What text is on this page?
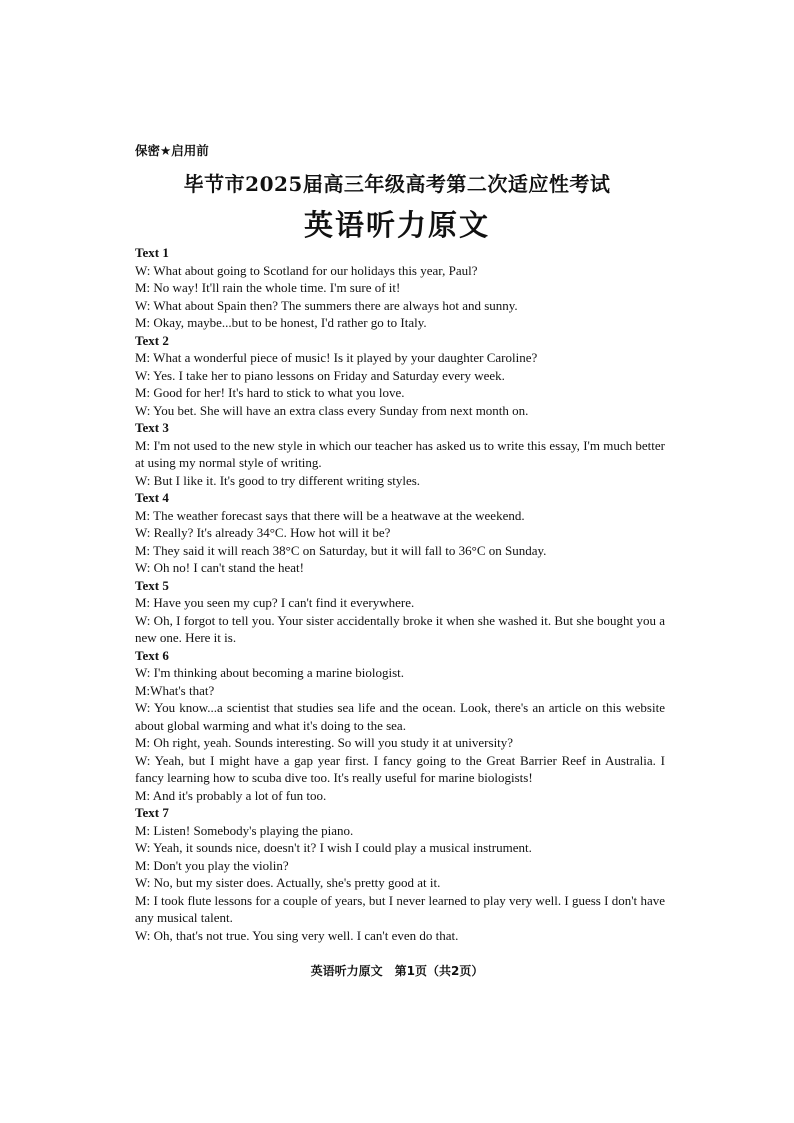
保密★启用前
毕节市2025届高三年级高考第二次适应性考试
英语听力原文

Text 1

W: What about going to Scotland for our holidays this year, Paul?

M: No way! It'll rain the whole time. I'm sure of it!

W: What about Spain then? The summers there are always hot and sunny.

M: Okay, maybe...but to be honest, I'd rather go to Italy.

Text 2

M: What a wonderful piece of music! Is it played by your daughter Caroline?

W: Yes. I take her to piano lessons on Friday and Saturday every week.

M: Good for her! It's hard to stick to what you love.

W: You bet. She will have an extra class every Sunday from next month on.

Text 3

M: I'm not used to the new style in which our teacher has asked us to write this essay, I'm much better at using my normal style of writing.

W: But I like it. It's good to try different writing styles.

Text 4

M: The weather forecast says that there will be a heatwave at the weekend.

W: Really? It's already 34°C. How hot will it be?

M: They said it will reach 38°C on Saturday, but it will fall to 36°C on Sunday.

W: Oh no! I can't stand the heat!

Text 5

M: Have you seen my cup? I can't find it everywhere.

W: Oh, I forgot to tell you. Your sister accidentally broke it when she washed it. But she bought you a new one. Here it is.

Text 6

W: I'm thinking about becoming a marine biologist.

M:What's that?

W: You know...a scientist that studies sea life and the ocean. Look, there's an article on this website about global warming and what it's doing to the sea.

M: Oh right, yeah. Sounds interesting. So will you study it at university?

W: Yeah, but I might have a gap year first. I fancy going to the Great Barrier Reef in Australia. I fancy learning how to scuba dive too. It's really useful for marine biologists!

M: And it's probably a lot of fun too.

Text 7

M: Listen! Somebody's playing the piano.

W: Yeah, it sounds nice, doesn't it? I wish I could play a musical instrument.

M: Don't you play the violin?

W: No, but my sister does. Actually, she's pretty good at it.

M: I took flute lessons for a couple of years, but I never learned to play very well. I guess I don't have any musical talent.

W: Oh, that's not true. You sing very well. I can't even do that.

英语听力原文　第1页（共2页）
